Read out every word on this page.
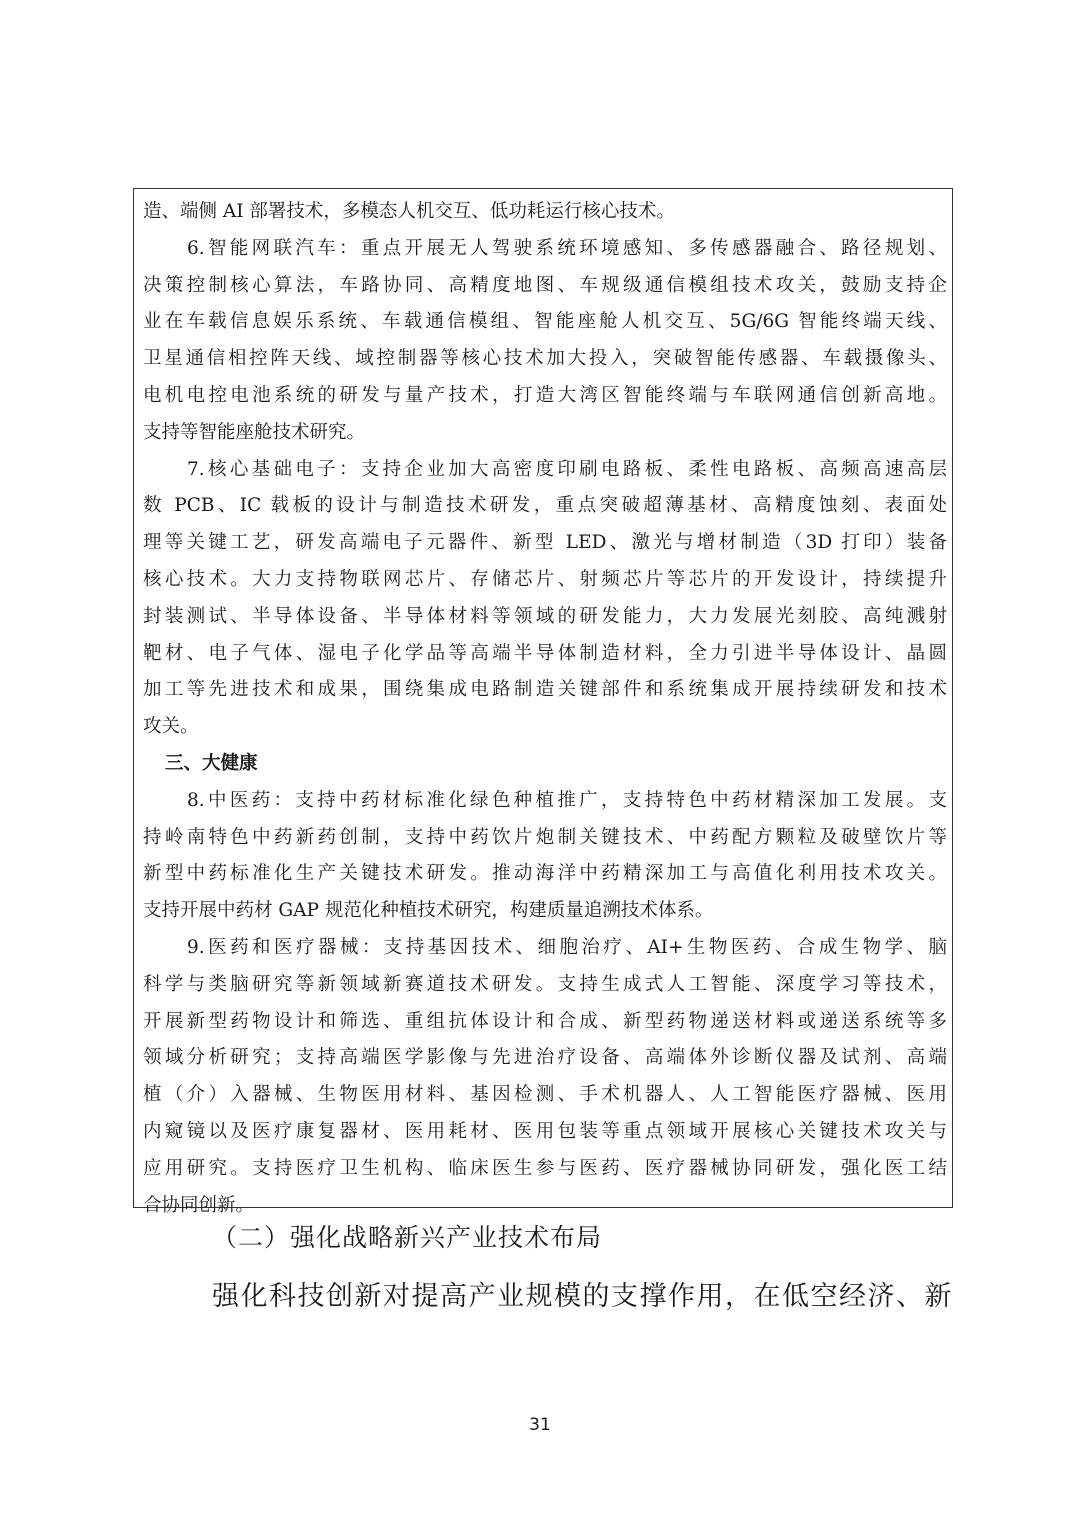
造、端侧 AI 部署技术，多模态人机交互、低功耗运行核心技术。
6.智能网联汽车：重点开展无人驾驶系统环境感知、多传感器融合、路径规划、
决策控制核心算法，车路协同、高精度地图、车规级通信模组技术攻关，鼓励支持企
业在车载信息娱乐系统、车载通信模组、智能座舱人机交互、5G/6G 智能终端天线、
卫星通信相控阵天线、域控制器等核心技术加大投入，突破智能传感器、车载摄像头、
电机电控电池系统的研发与量产技术，打造大湾区智能终端与车联网通信创新高地。
支持等智能座舱技术研究。
7.核心基础电子：支持企业加大高密度印刷电路板、柔性电路板、高频高速高层
数 PCB、IC 载板的设计与制造技术研发，重点突破超薄基材、高精度蚀刻、表面处
理等关键工艺，研发高端电子元器件、新型 LED、激光与增材制造（3D 打印）装备
核心技术。大力支持物联网芯片、存储芯片、射频芯片等芯片的开发设计，持续提升
封装测试、半导体设备、半导体材料等领域的研发能力，大力发展光刻胶、高纯溅射
靶材、电子气体、湿电子化学品等高端半导体制造材料，全力引进半导体设计、晶圆
加工等先进技术和成果，围绕集成电路制造关键部件和系统集成开展持续研发和技术
攻关。
三、大健康
8.中医药：支持中药材标准化绿色种植推广，支持特色中药材精深加工发展。支
持岭南特色中药新药创制，支持中药饮片炮制关键技术、中药配方颗粒及破壁饮片等
新型中药标准化生产关键技术研发。推动海洋中药精深加工与高值化利用技术攻关。
支持开展中药材 GAP 规范化种植技术研究，构建质量追溯技术体系。
9.医药和医疗器械：支持基因技术、细胞治疗、AI+生物医药、合成生物学、脑
科学与类脑研究等新领域新赛道技术研发。支持生成式人工智能、深度学习等技术，
开展新型药物设计和筛选、重组抗体设计和合成、新型药物递送材料或递送系统等多
领域分析研究；支持高端医学影像与先进治疗设备、高端体外诊断仪器及试剂、高端
植（介）入器械、生物医用材料、基因检测、手术机器人、人工智能医疗器械、医用
内窥镜以及医疗康复器材、医用耗材、医用包装等重点领域开展核心关键技术攻关与
应用研究。支持医疗卫生机构、临床医生参与医药、医疗器械协同研发，强化医工结
合协同创新。
（二）强化战略新兴产业技术布局
强化科技创新对提高产业规模的支撑作用，在低空经济、新
31
